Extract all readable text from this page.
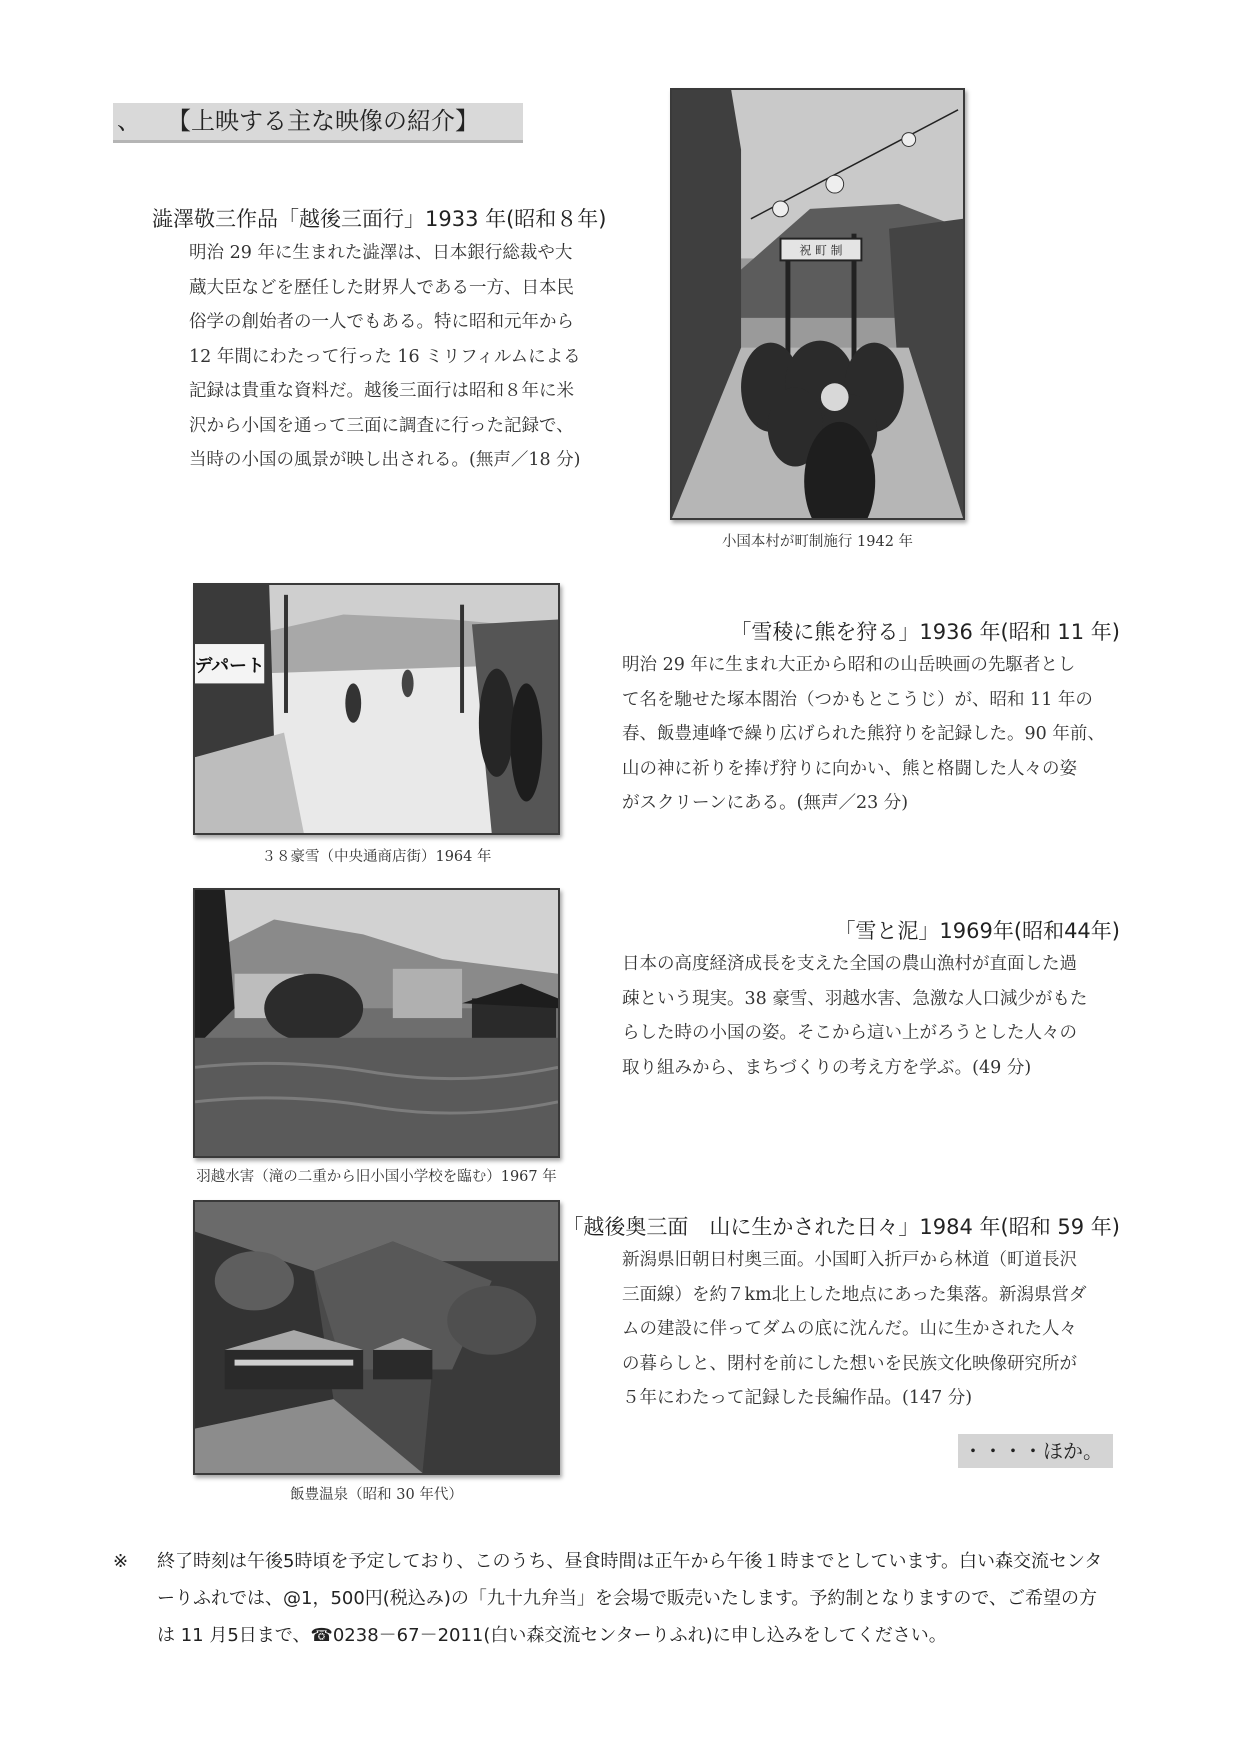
、 【上映する主な映像の紹介】
澁澤敬三作品「越後三面行」1933 年(昭和８年)

明治 29 年に生まれた澁澤は、日本銀行総裁や大

蔵大臣などを歴任した財界人である一方、日本民

俗学の創始者の一人でもある。特に昭和元年から

12 年間にわたって行った 16 ミリフィルムによる

記録は貴重な資料だ。越後三面行は昭和８年に米

沢から小国を通って三面に調査に行った記録で、

当時の小国の風景が映し出される。(無声／18 分)

祝 町 制
小国本村が町制施行 1942 年
「雪稜に熊を狩る」1936 年(昭和 11 年)

明治 29 年に生まれ大正から昭和の山岳映画の先駆者とし

て名を馳せた塚本閤治（つかもとこうじ）が、昭和 11 年の

春、飯豊連峰で繰り広げられた熊狩りを記録した。90 年前、

山の神に祈りを捧げ狩りに向かい、熊と格闘した人々の姿

がスクリーンにある。(無声／23 分)

デパート
３８豪雪（中央通商店街）1964 年
「雪と泥」1969年(昭和44年)

日本の高度経済成長を支えた全国の農山漁村が直面した過

疎という現実。38 豪雪、羽越水害、急激な人口減少がもた

らした時の小国の姿。そこから這い上がろうとした人々の

取り組みから、まちづくりの考え方を学ぶ。(49 分)

羽越水害（滝の二重から旧小国小学校を臨む）1967 年
「越後奥三面　山に生かされた日々」1984 年(昭和 59 年)

新潟県旧朝日村奥三面。小国町入折戸から林道（町道長沢

三面線）を約７km北上した地点にあった集落。新潟県営ダ

ムの建設に伴ってダムの底に沈んだ。山に生かされた人々

の暮らしと、閉村を前にした想いを民族文化映像研究所が

５年にわたって記録した長編作品。(147 分)

飯豊温泉（昭和 30 年代）
・・・・ほか。
※	終了時刻は午後5時頃を予定しており、このうち、昼食時間は正午から午後１時までとしています。白い森交流センタ
ーりふれでは、@1，500円(税込み)の「九十九弁当」を会場で販売いたします。予約制となりますので、ご希望の方
は 11 月5日まで、☎0238－67－2011(白い森交流センターりふれ)に申し込みをしてください。
